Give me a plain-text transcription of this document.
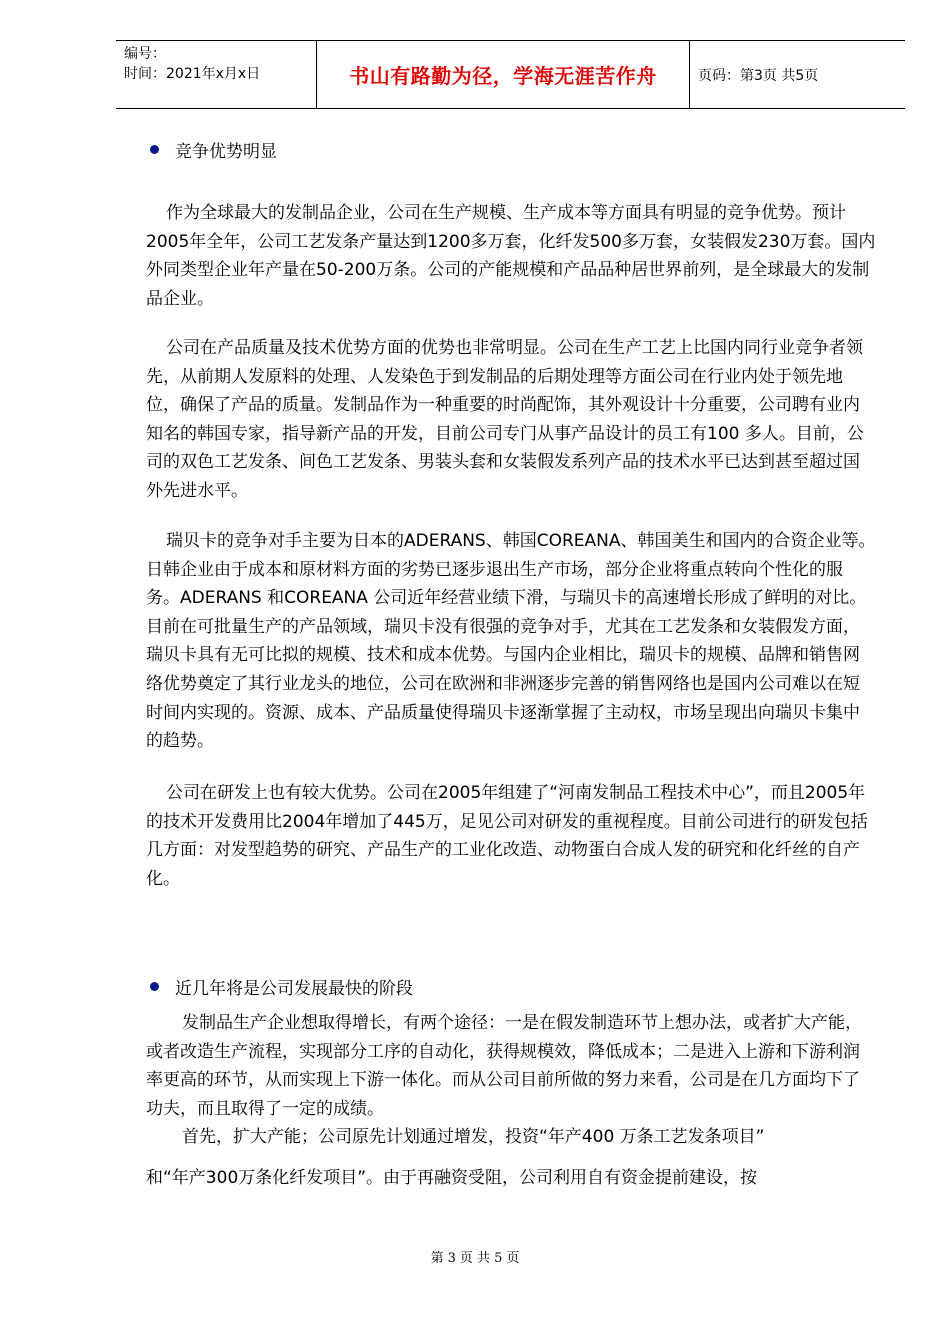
编号：
时间：2021年x月x日	书山有路勤为径，学海无涯苦作舟	页码：第3页 共5页
竞争优势明显

作为全球最大的发制品企业，公司在生产规模、生产成本等方面具有明显的竞争优势。预计2005年全年，公司工艺发条产量达到1200多万套，化纤发500多万套，女装假发230万套。国内外同类型企业年产量在50-200万条。公司的产能规模和产品品种居世界前列，是全球最大的发制品企业。

公司在产品质量及技术优势方面的优势也非常明显。公司在生产工艺上比国内同行业竞争者领先，从前期人发原料的处理、人发染色于到发制品的后期处理等方面公司在行业内处于领先地位，确保了产品的质量。发制品作为一种重要的时尚配饰，其外观设计十分重要，公司聘有业内知名的韩国专家，指导新产品的开发，目前公司专门从事产品设计的员工有100 多人。目前，公司的双色工艺发条、间色工艺发条、男装头套和女装假发系列产品的技术水平已达到甚至超过国外先进水平。

瑞贝卡的竞争对手主要为日本的ADERANS、韩国COREANA、韩国美生和国内的合资企业等。日韩企业由于成本和原材料方面的劣势已逐步退出生产市场，部分企业将重点转向个性化的服务。ADERANS 和COREANA 公司近年经营业绩下滑，与瑞贝卡的高速增长形成了鲜明的对比。目前在可批量生产的产品领域，瑞贝卡没有很强的竞争对手，尤其在工艺发条和女装假发方面，瑞贝卡具有无可比拟的规模、技术和成本优势。与国内企业相比，瑞贝卡的规模、品牌和销售网络优势奠定了其行业龙头的地位，公司在欧洲和非洲逐步完善的销售网络也是国内公司难以在短时间内实现的。资源、成本、产品质量使得瑞贝卡逐渐掌握了主动权，市场呈现出向瑞贝卡集中的趋势。

公司在研发上也有较大优势。公司在2005年组建了“河南发制品工程技术中心”，而且2005年的技术开发费用比2004年增加了445万，足见公司对研发的重视程度。目前公司进行的研发包括几方面：对发型趋势的研究、产品生产的工业化改造、动物蛋白合成人发的研究和化纤丝的自产化。

近几年将是公司发展最快的阶段

发制品生产企业想取得增长，有两个途径：一是在假发制造环节上想办法，或者扩大产能，或者改造生产流程，实现部分工序的自动化，获得规模效，降低成本；二是进入上游和下游利润率更高的环节，从而实现上下游一体化。而从公司目前所做的努力来看，公司是在几方面均下了功夫，而且取得了一定的成绩。

首先，扩大产能；公司原先计划通过增发，投资“年产400 万条工艺发条项目”

和“年产300万条化纤发项目”。由于再融资受阻，公司利用自有资金提前建设，按

第 3 页 共 5 页
